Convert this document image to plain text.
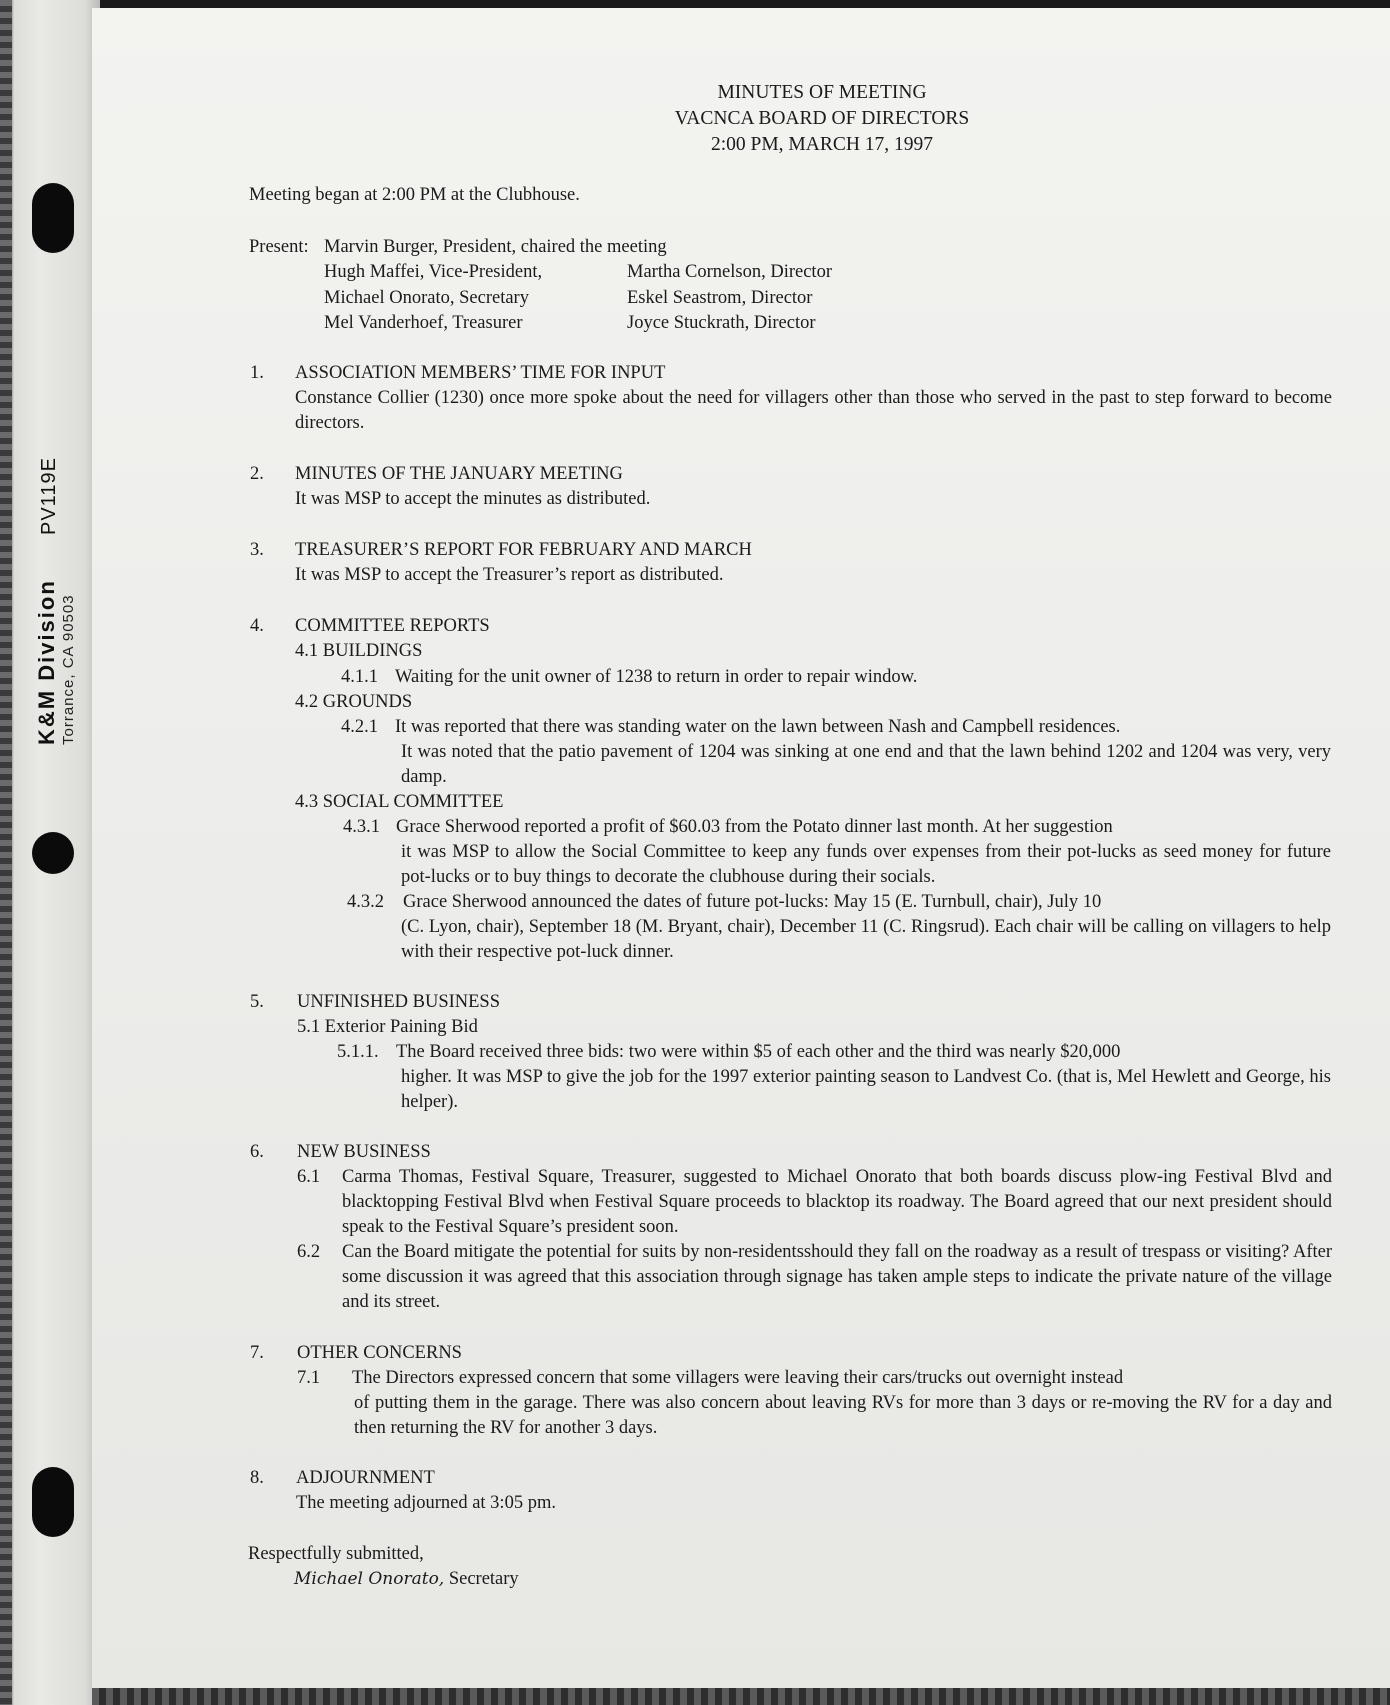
PV119E
MINUTES OF MEETING
VACNCA BOARD OF DIRECTORS
2:00 PM, MARCH 17, 1997
Meeting began at 2:00 PM at the Clubhouse.
Present: Marvin Burger, President, chaired the meeting
Hugh Maffei, Vice-President,
Michael Onorato, Secretary
Mel Vanderhoef, Treasurer
Martha Cornelson, Director
Eskel Seastrom, Director
Joyce Stuckrath, Director
1. ASSOCIATION MEMBERS’ TIME FOR INPUT
Constance Collier (1230) once more spoke about the need for villagers other than those who served in the past to step forward to become directors.
2. MINUTES OF THE JANUARY MEETING
It was MSP to accept the minutes as distributed.
3. TREASURER’S REPORT FOR FEBRUARY AND MARCH
It was MSP to accept the Treasurer’s report as distributed.
4. COMMITTEE REPORTS
4.1 BUILDINGS
4.1.1 Waiting for the unit owner of 1238 to return in order to repair window.
4.2 GROUNDS
4.2.1 It was reported that there was standing water on the lawn between Nash and Campbell residences.
It was noted that the patio pavement of 1204 was sinking at one end and that the lawn behind 1202 and 1204 was very, very damp.
4.3 SOCIAL COMMITTEE
4.3.1 Grace Sherwood reported a profit of $60.03 from the Potato dinner last month. At her suggestion
it was MSP to allow the Social Committee to keep any funds over expenses from their pot-lucks as seed money for future pot-lucks or to buy things to decorate the clubhouse during their socials.
4.3.2 Grace Sherwood announced the dates of future pot-lucks: May 15 (E. Turnbull, chair), July 10
(C. Lyon, chair), September 18 (M. Bryant, chair), December 11 (C. Ringsrud). Each chair will be calling on villagers to help with their respective pot-luck dinner.
5. UNFINISHED BUSINESS
5.1 Exterior Paining Bid
5.1.1. The Board received three bids: two were within $5 of each other and the third was nearly $20,000
higher. It was MSP to give the job for the 1997 exterior painting season to Landvest Co. (that is, Mel Hewlett and George, his helper).
6. NEW BUSINESS
6.1 Carma Thomas, Festival Square, Treasurer, suggested to Michael Onorato that both boards discuss plow-ing Festival Blvd and blacktopping Festival Blvd when Festival Square proceeds to blacktop its roadway. The Board agreed that our next president should speak to the Festival Square’s president soon.
6.2 Can the Board mitigate the potential for suits by non-residentsshould they fall on the roadway as a result of trespass or visiting? After some discussion it was agreed that this association through signage has taken ample steps to indicate the private nature of the village and its street.
7. OTHER CONCERNS
7.1 The Directors expressed concern that some villagers were leaving their cars/trucks out overnight instead
of putting them in the garage. There was also concern about leaving RVs for more than 3 days or re-moving the RV for a day and then returning the RV for another 3 days.
8. ADJOURNMENT
The meeting adjourned at 3:05 pm.
Respectfully submitted,
Michael Onorato, Secretary
